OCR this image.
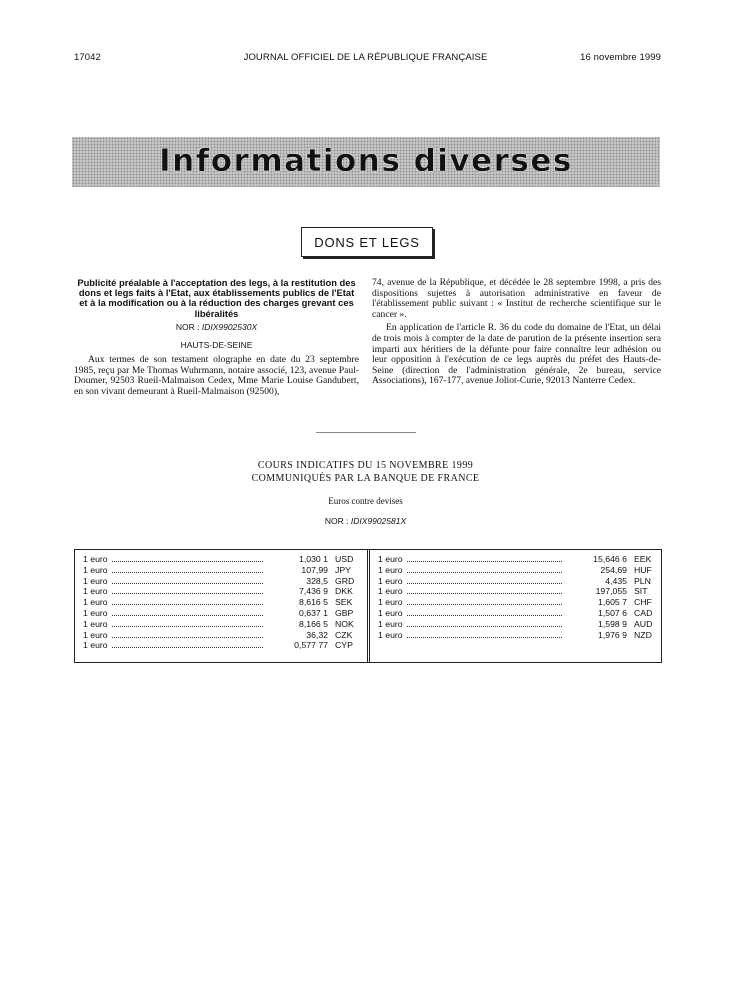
17042	JOURNAL OFFICIEL DE LA RÉPUBLIQUE FRANÇAISE	16 novembre 1999
Informations diverses
DONS ET LEGS

Publicité préalable à l'acceptation des legs, à la restitution des dons et legs faits à l'Etat, aux établissements publics de l'Etat et à la modification ou à la réduction des charges grevant ces libéralités

NOR : IDIX9902530X
HAUTS-DE-SEINE

Aux termes de son testament olographe en date du 23 septembre 1985, reçu par Me Thomas Wuhrmann, notaire associé, 123, avenue Paul-Doumer, 92503 Rueil-Malmaison Cedex, Mme Marie Louise Gandubert, en son vivant demeurant à Rueil-Malmaison (92500),

74, avenue de la République, et décédée le 28 septembre 1998, a pris des dispositions sujettes à autorisation administrative en faveur de l'établissement public suivant : « Institut de recherche scientifique sur le cancer ».

En application de l'article R. 36 du code du domaine de l'Etat, un délai de trois mois à compter de la date de parution de la présente insertion sera imparti aux héritiers de la défunte pour faire connaître leur adhésion ou leur opposition à l'exécution de ce legs auprès du préfet des Hauts-de-Seine (direction de l'administration générale, 2e bureau, service Associations), 167-177, avenue Joliot-Curie, 92013 Nanterre Cedex.

COURS INDICATIFS DU 15 NOVEMBRE 1999
COMMUNIQUÉS PAR LA BANQUE DE FRANCE
Euros contre devises
NOR : IDIX9902581X
1 euro	1,030 1 USD
1 euro	107,99 JPY
1 euro	328,5 GRD
1 euro	7,436 9 DKK
1 euro	8,616 5 SEK
1 euro	0,637 1 GBP
1 euro	8,166 5 NOK
1 euro	36,32 CZK
1 euro	0,577 77 CYP
1 euro	15,646 6 EEK
1 euro	254,69 HUF
1 euro	4,435 PLN
1 euro	197,055 SIT
1 euro	1,605 7 CHF
1 euro	1,507 6 CAD
1 euro	1,598 9 AUD
1 euro	1,976 9 NZD
